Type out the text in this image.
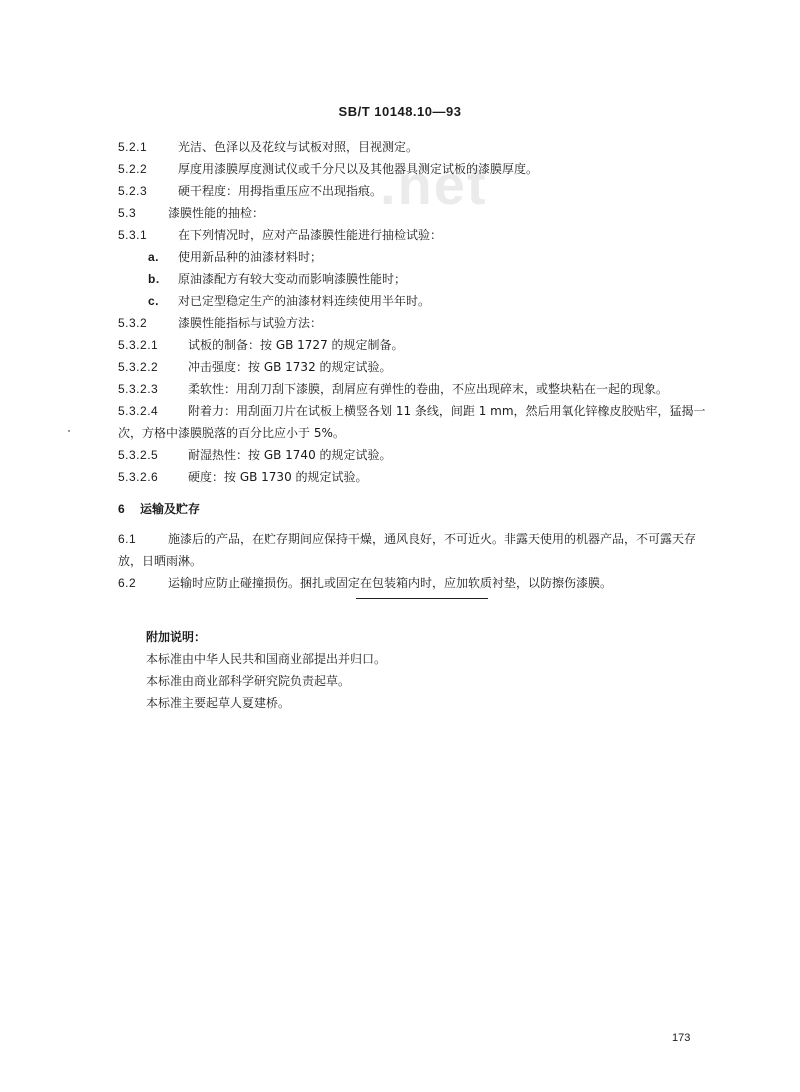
.net
SB/T 10148.10—93
5.2.1	光洁、色泽以及花纹与试板对照，目视测定。
5.2.2	厚度用漆膜厚度测试仪或千分尺以及其他器具测定试板的漆膜厚度。
5.2.3	硬干程度：用拇指重压应不出现指痕。
5.3	漆膜性能的抽检：
5.3.1	在下列情况时，应对产品漆膜性能进行抽检试验：
a. 使用新品种的油漆材料时；
b. 原油漆配方有较大变动而影响漆膜性能时；
c. 对已定型稳定生产的油漆材料连续使用半年时。
5.3.2	漆膜性能指标与试验方法：
5.3.2.1 试板的制备：按 GB 1727 的规定制备。
5.3.2.2 冲击强度：按 GB 1732 的规定试验。
5.3.2.3 柔软性：用刮刀刮下漆膜，刮屑应有弹性的卷曲，不应出现碎末，或整块粘在一起的现象。
5.3.2.4 附着力：用刮面刀片在试板上横竖各划 11 条线，间距 1 mm，然后用氧化锌橡皮胶贴牢，猛揭一次，方格中漆膜脱落的百分比应小于 5%。
5.3.2.5 耐湿热性：按 GB 1740 的规定试验。
5.3.2.6 硬度：按 GB 1730 的规定试验。
6 运输及贮存
6.1	施漆后的产品，在贮存期间应保持干燥，通风良好，不可近火。非露天使用的机器产品，不可露天存放，日晒雨淋。
6.2	运输时应防止碰撞损伤。捆扎或固定在包装箱内时，应加软质衬垫，以防擦伤漆膜。
附加说明：
本标准由中华人民共和国商业部提出并归口。
本标准由商业部科学研究院负责起草。
本标准主要起草人夏建桥。
173
